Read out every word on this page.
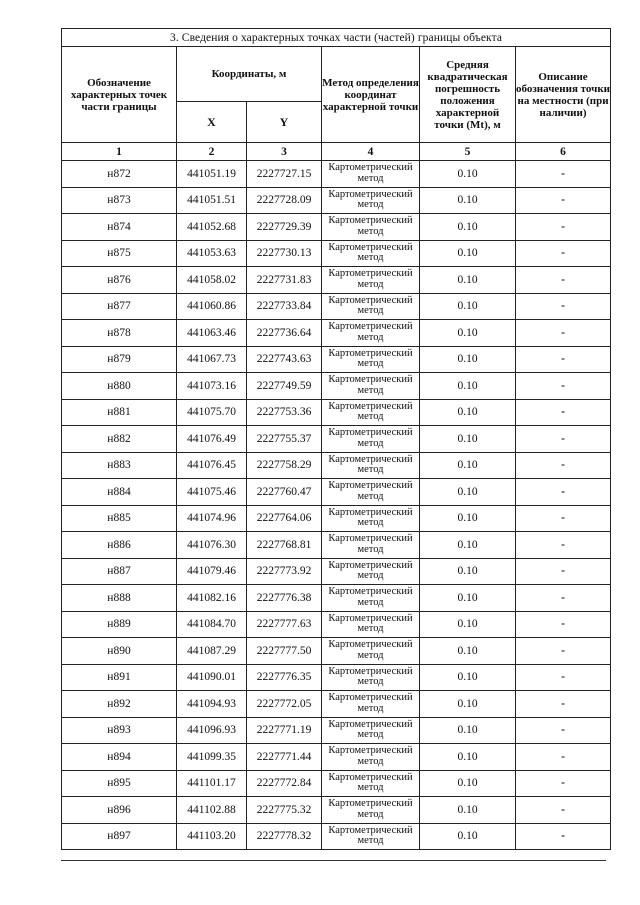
3. Сведения о характерных точках части (частей) границы объекта					
Обозначение характерных точек части границы	Координаты, м		Метод определения координат характерной точки	Средняя квадратическая погрешность положения характерной точки (Mt), м	Описание обозначения точки на местности (при наличии)
	X	Y			
1	2	3	4	5	6
н872	441051.19	2227727.15	Картометрический метод	0.10	-
н873	441051.51	2227728.09	Картометрический метод	0.10	-
н874	441052.68	2227729.39	Картометрический метод	0.10	-
н875	441053.63	2227730.13	Картометрический метод	0.10	-
н876	441058.02	2227731.83	Картометрический метод	0.10	-
н877	441060.86	2227733.84	Картометрический метод	0.10	-
н878	441063.46	2227736.64	Картометрический метод	0.10	-
н879	441067.73	2227743.63	Картометрический метод	0.10	-
н880	441073.16	2227749.59	Картометрический метод	0.10	-
н881	441075.70	2227753.36	Картометрический метод	0.10	-
н882	441076.49	2227755.37	Картометрический метод	0.10	-
н883	441076.45	2227758.29	Картометрический метод	0.10	-
н884	441075.46	2227760.47	Картометрический метод	0.10	-
н885	441074.96	2227764.06	Картометрический метод	0.10	-
н886	441076.30	2227768.81	Картометрический метод	0.10	-
н887	441079.46	2227773.92	Картометрический метод	0.10	-
н888	441082.16	2227776.38	Картометрический метод	0.10	-
н889	441084.70	2227777.63	Картометрический метод	0.10	-
н890	441087.29	2227777.50	Картометрический метод	0.10	-
н891	441090.01	2227776.35	Картометрический метод	0.10	-
н892	441094.93	2227772.05	Картометрический метод	0.10	-
н893	441096.93	2227771.19	Картометрический метод	0.10	-
н894	441099.35	2227771.44	Картометрический метод	0.10	-
н895	441101.17	2227772.84	Картометрический метод	0.10	-
н896	441102.88	2227775.32	Картометрический метод	0.10	-
н897	441103.20	2227778.32	Картометрический метод	0.10	-
